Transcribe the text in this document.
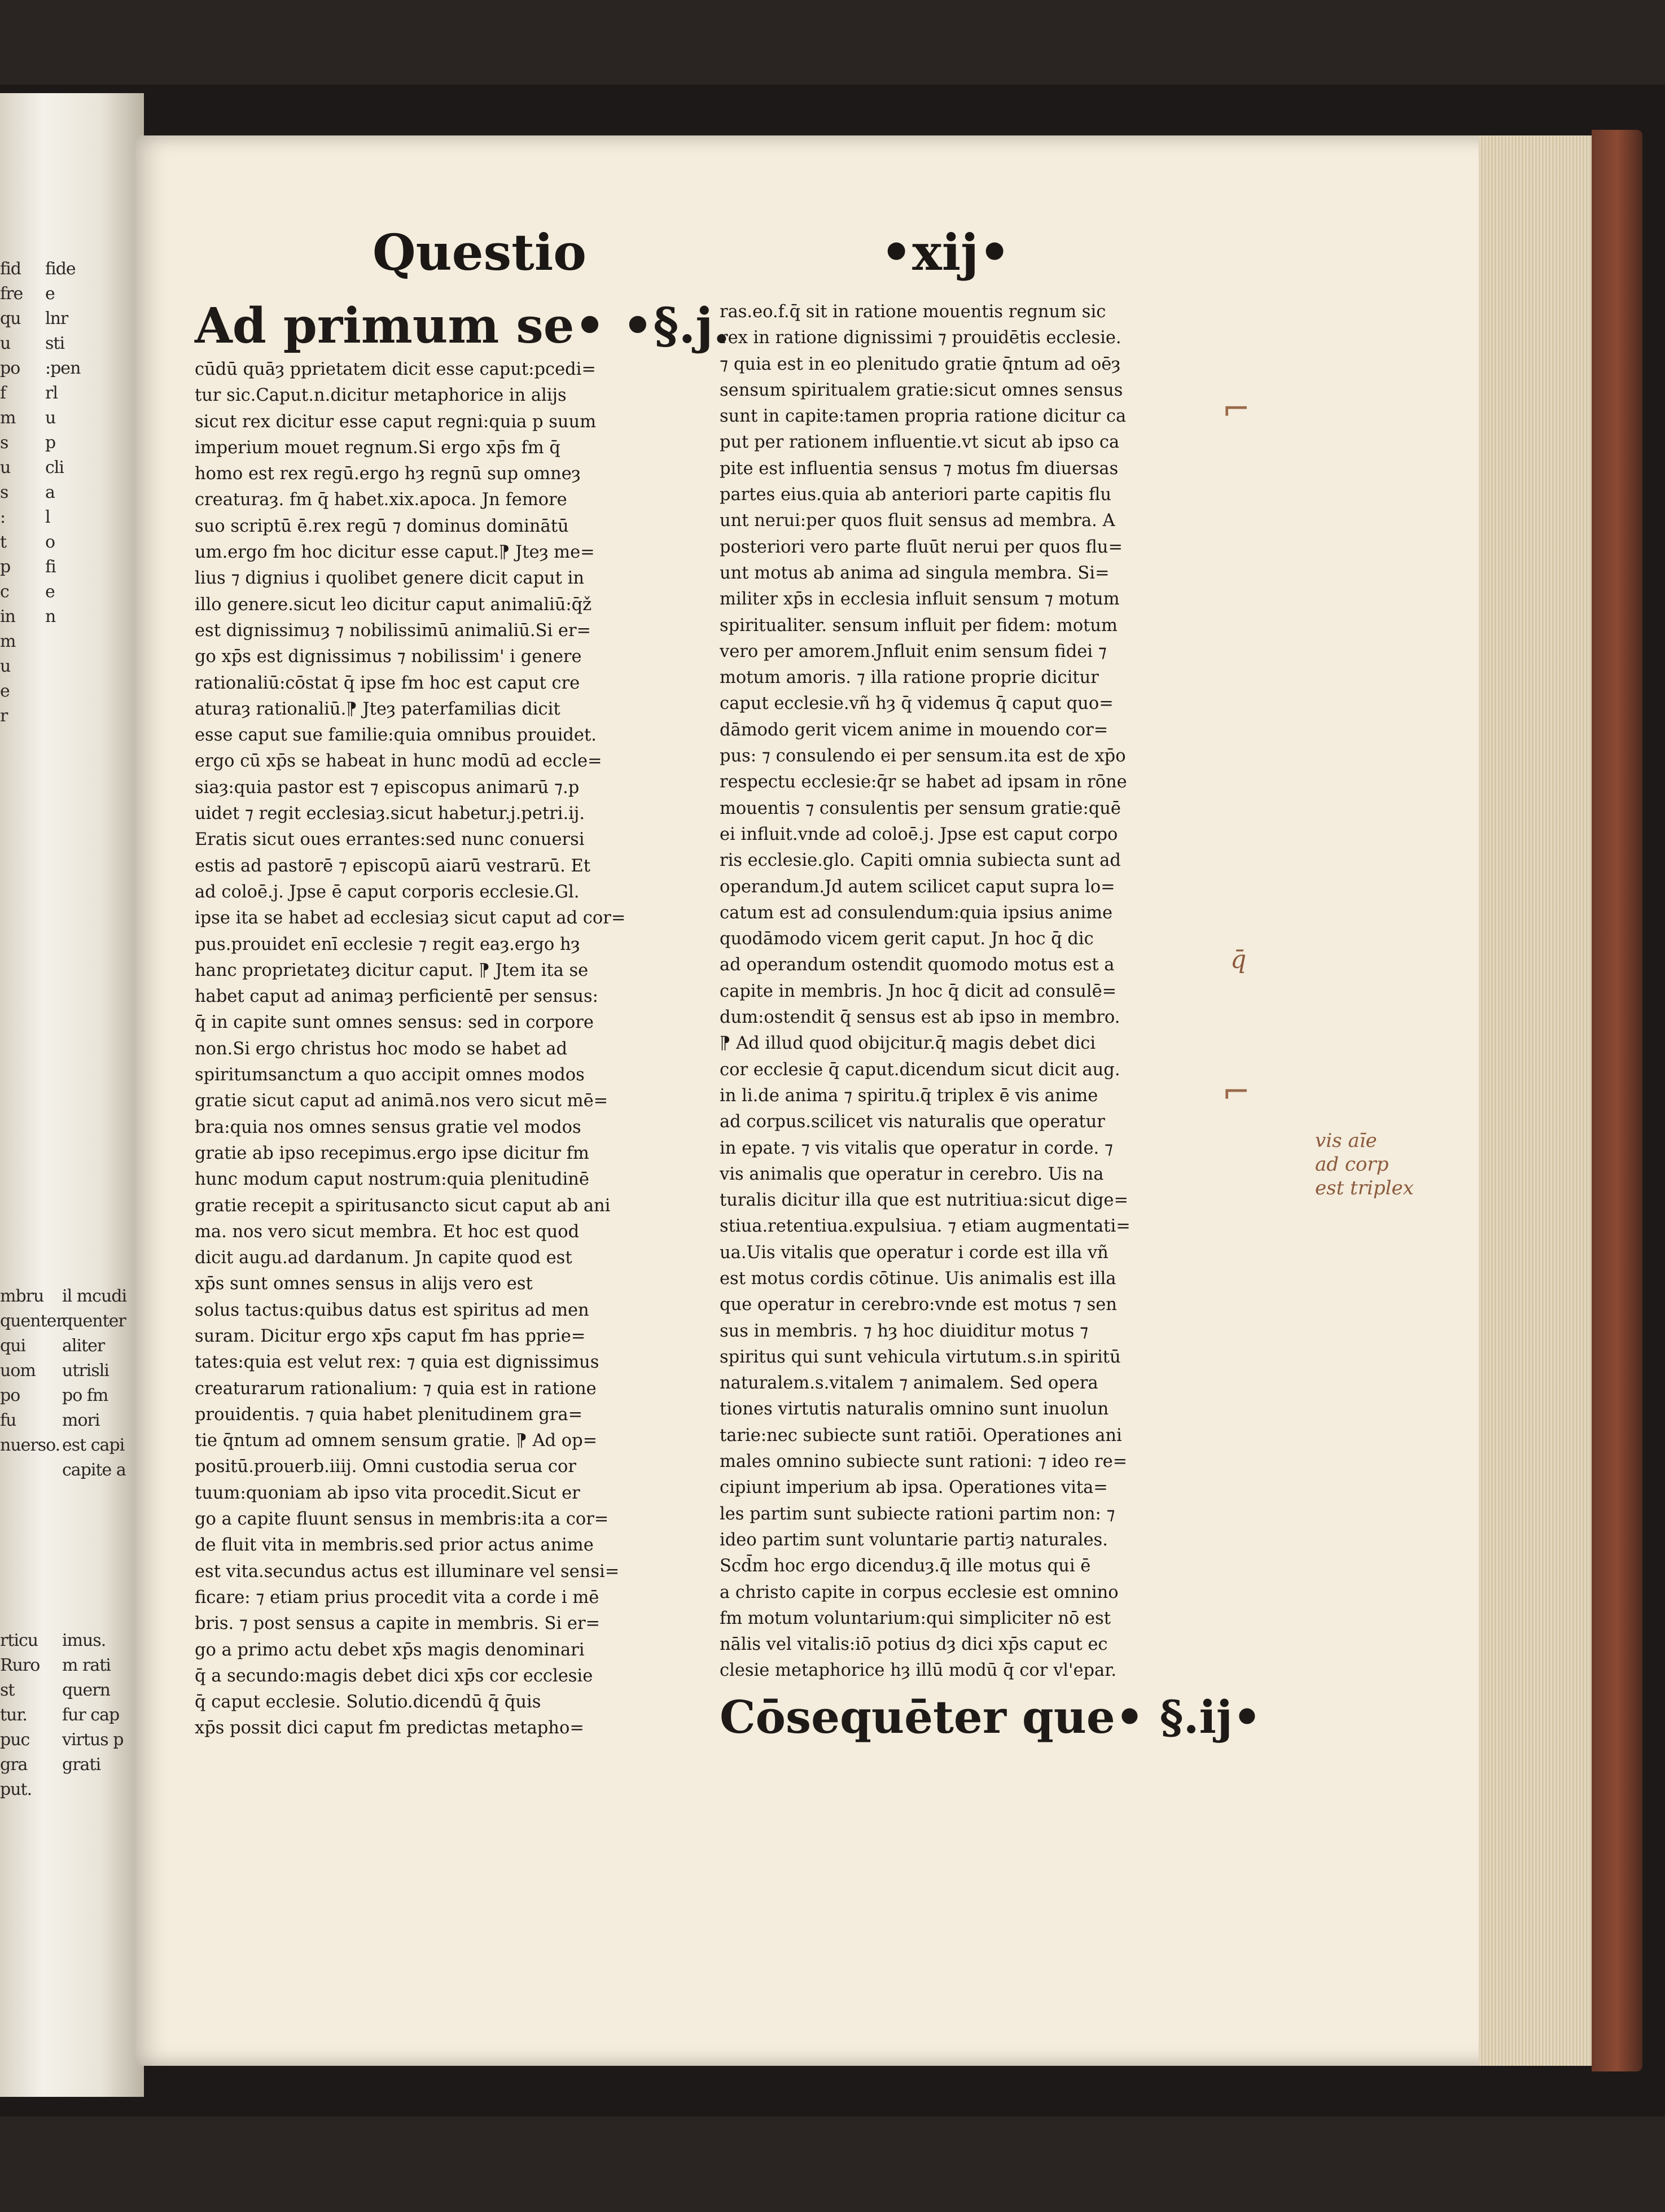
fid
fre
qu
u
po
f
m
s
u
s
:
t
p
c
in
m
u
e
r
fide
e
lnr
sti
:pen
rl
u
p
cli
a
l
o
fi
e
n
mbru
quenter
qui
uom
po
fu
nuerso.
rticu
Ruro
st
tur.
puc
gra
put.
il mcudi
quenter
aliter
utrisli
po fm
mori
est capi
capite a
imus.
m rati
quern
fur cap
virtus p
grati
Questio	•xij•
Ad primum se• •§.j.
cūdū quāȝ pprietatem dicit esse caput:pcedi=
tur sic.Caput.n.dicitur metaphorice in alijs
sicut rex dicitur esse caput regni:quia p suum
imperium mouet regnum.Si ergo xp̄s fm q̄
homo est rex regū.ergo hȝ regnū sup omneȝ
creaturaȝ. fm q̄ habet.xix.apoca. Jn femore
suo scriptū ē.rex regū ⁊ dominus dominātū
um.ergo fm hoc dicitur esse caput.⁋ Jteȝ me=
lius ⁊ dignius i quolibet genere dicit caput in
illo genere.sicut leo dicitur caput animaliū:q̄ž
est dignissimuȝ ⁊ nobilissimū animaliū.Si er=
go xp̄s est dignissimus ⁊ nobilissim' i genere
rationaliū:cōstat q̄ ipse fm hoc est caput cre
aturaȝ rationaliū.⁋ Jteȝ paterfamilias dicit
esse caput sue familie:quia omnibus prouidet.
ergo cū xp̄s se habeat in hunc modū ad eccle=
siaȝ:quia pastor est ⁊ episcopus animarū ⁊.p
uidet ⁊ regit ecclesiaȝ.sicut habetur.j.petri.ij.
Eratis sicut oues errantes:sed nunc conuersi
estis ad pastorē ⁊ episcopū aiarū vestrarū. Et
ad coloē.j. Jpse ē caput corporis ecclesie.Gl.
ipse ita se habet ad ecclesiaȝ sicut caput ad cor=
pus.prouidet enī ecclesie ⁊ regit eaȝ.ergo hȝ
hanc proprietateȝ dicitur caput. ⁋ Jtem ita se
habet caput ad animaȝ perficientē per sensus:
q̄ in capite sunt omnes sensus: sed in corpore
non.Si ergo christus hoc modo se habet ad
spiritumsanctum a quo accipit omnes modos
gratie sicut caput ad animā.nos vero sicut mē=
bra:quia nos omnes sensus gratie vel modos
gratie ab ipso recepimus.ergo ipse dicitur fm
hunc modum caput nostrum:quia plenitudinē
gratie recepit a spiritusancto sicut caput ab ani
ma. nos vero sicut membra. Et hoc est quod
dicit augu.ad dardanum. Jn capite quod est
xp̄s sunt omnes sensus in alijs vero est
solus tactus:quibus datus est spiritus ad men
suram. Dicitur ergo xp̄s caput fm has pprie=
tates:quia est velut rex: ⁊ quia est dignissimus
creaturarum rationalium: ⁊ quia est in ratione
prouidentis. ⁊ quia habet plenitudinem gra=
tie q̄ntum ad omnem sensum gratie. ⁋ Ad op=
positū.prouerb.iiij. Omni custodia serua cor
tuum:quoniam ab ipso vita procedit.Sicut er
go a capite fluunt sensus in membris:ita a cor=
de fluit vita in membris.sed prior actus anime
est vita.secundus actus est illuminare vel sensi=
ficare: ⁊ etiam prius procedit vita a corde i mē
bris. ⁊ post sensus a capite in membris. Si er=
go a primo actu debet xp̄s magis denominari
q̄ a secundo:magis debet dici xp̄s cor ecclesie
q̄ caput ecclesie. Solutio.dicendū q̄ q̄uis
xp̄s possit dici caput fm predictas metapho=
ras.eo.f.q̄ sit in ratione mouentis regnum sic
rex in ratione dignissimi ⁊ prouidētis ecclesie.
⁊ quia est in eo plenitudo gratie q̄ntum ad oēȝ
sensum spiritualem gratie:sicut omnes sensus
sunt in capite:tamen propria ratione dicitur ca
put per rationem influentie.vt sicut ab ipso ca
pite est influentia sensus ⁊ motus fm diuersas
partes eius.quia ab anteriori parte capitis flu
unt nerui:per quos fluit sensus ad membra. A
posteriori vero parte fluūt nerui per quos flu=
unt motus ab anima ad singula membra. Si=
militer xp̄s in ecclesia influit sensum ⁊ motum
spiritualiter. sensum influit per fidem: motum
vero per amorem.Jnfluit enim sensum fidei ⁊
motum amoris. ⁊ illa ratione proprie dicitur
caput ecclesie.vñ hȝ q̄ videmus q̄ caput quo=
dāmodo gerit vicem anime in mouendo cor=
pus: ⁊ consulendo ei per sensum.ita est de xp̄o
respectu ecclesie:q̄r se habet ad ipsam in rōne
mouentis ⁊ consulentis per sensum gratie:quē
ei influit.vnde ad coloē.j. Jpse est caput corpo
ris ecclesie.glo. Capiti omnia subiecta sunt ad
operandum.Jd autem scilicet caput supra lo=
catum est ad consulendum:quia ipsius anime
quodāmodo vicem gerit caput. Jn hoc q̄ dic
ad operandum ostendit quomodo motus est a
capite in membris. Jn hoc q̄ dicit ad consulē=
dum:ostendit q̄ sensus est ab ipso in membro.
⁋ Ad illud quod obijcitur.q̄ magis debet dici
cor ecclesie q̄ caput.dicendum sicut dicit aug.
in li.de anima ⁊ spiritu.q̄ triplex ē vis anime
ad corpus.scilicet vis naturalis que operatur
in epate. ⁊ vis vitalis que operatur in corde. ⁊
vis animalis que operatur in cerebro. Uis na
turalis dicitur illa que est nutritiua:sicut dige=
stiua.retentiua.expulsiua. ⁊ etiam augmentati=
ua.Uis vitalis que operatur i corde est illa vñ
est motus cordis cōtinue. Uis animalis est illa
que operatur in cerebro:vnde est motus ⁊ sen
sus in membris. ⁊ hȝ hoc diuiditur motus ⁊
spiritus qui sunt vehicula virtutum.s.in spiritū
naturalem.s.vitalem ⁊ animalem. Sed opera
tiones virtutis naturalis omnino sunt inuolun
tarie:nec subiecte sunt ratiōi. Operationes ani
males omnino subiecte sunt rationi: ⁊ ideo re=
cipiunt imperium ab ipsa. Operationes vita=
les partim sunt subiecte rationi partim non: ⁊
ideo partim sunt voluntarie partiȝ naturales.
Scd̄m hoc ergo dicenduȝ.q̄ ille motus qui ē
a christo capite in corpus ecclesie est omnino
fm motum voluntarium:qui simpliciter nō est
nālis vel vitalis:iō potius dȝ dici xp̄s caput ec
clesie metaphorice hȝ illū modū q̄ cor vl'epar.
Cōsequēter que• §.ij•
⌐
⌐
q̄
vis aīe
ad corp
est triplex
